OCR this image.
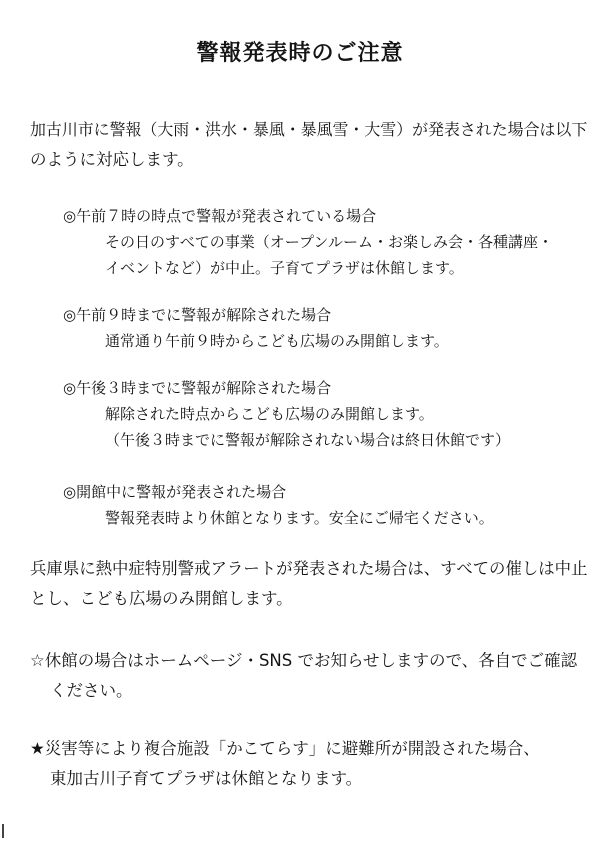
警報発表時のご注意
加古川市に警報（大雨・洪水・暴風・暴風雪・大雪）が発表された場合は以下
のように対応します。
◎午前７時の時点で警報が発表されている場合
その日のすべての事業（オープンルーム・お楽しみ会・各種講座・
イベントなど）が中止。子育てプラザは休館します。
◎午前９時までに警報が解除された場合
通常通り午前９時からこども広場のみ開館します。
◎午後３時までに警報が解除された場合
解除された時点からこども広場のみ開館します。
（午後３時までに警報が解除されない場合は終日休館です）
◎開館中に警報が発表された場合
警報発表時より休館となります。安全にご帰宅ください。
兵庫県に熱中症特別警戒アラートが発表された場合は、すべての催しは中止
とし、こども広場のみ開館します。
☆休館の場合はホームページ・SNS でお知らせしますので、各自でご確認
ください。
★災害等により複合施設「かこてらす」に避難所が開設された場合、
東加古川子育てプラザは休館となります。
